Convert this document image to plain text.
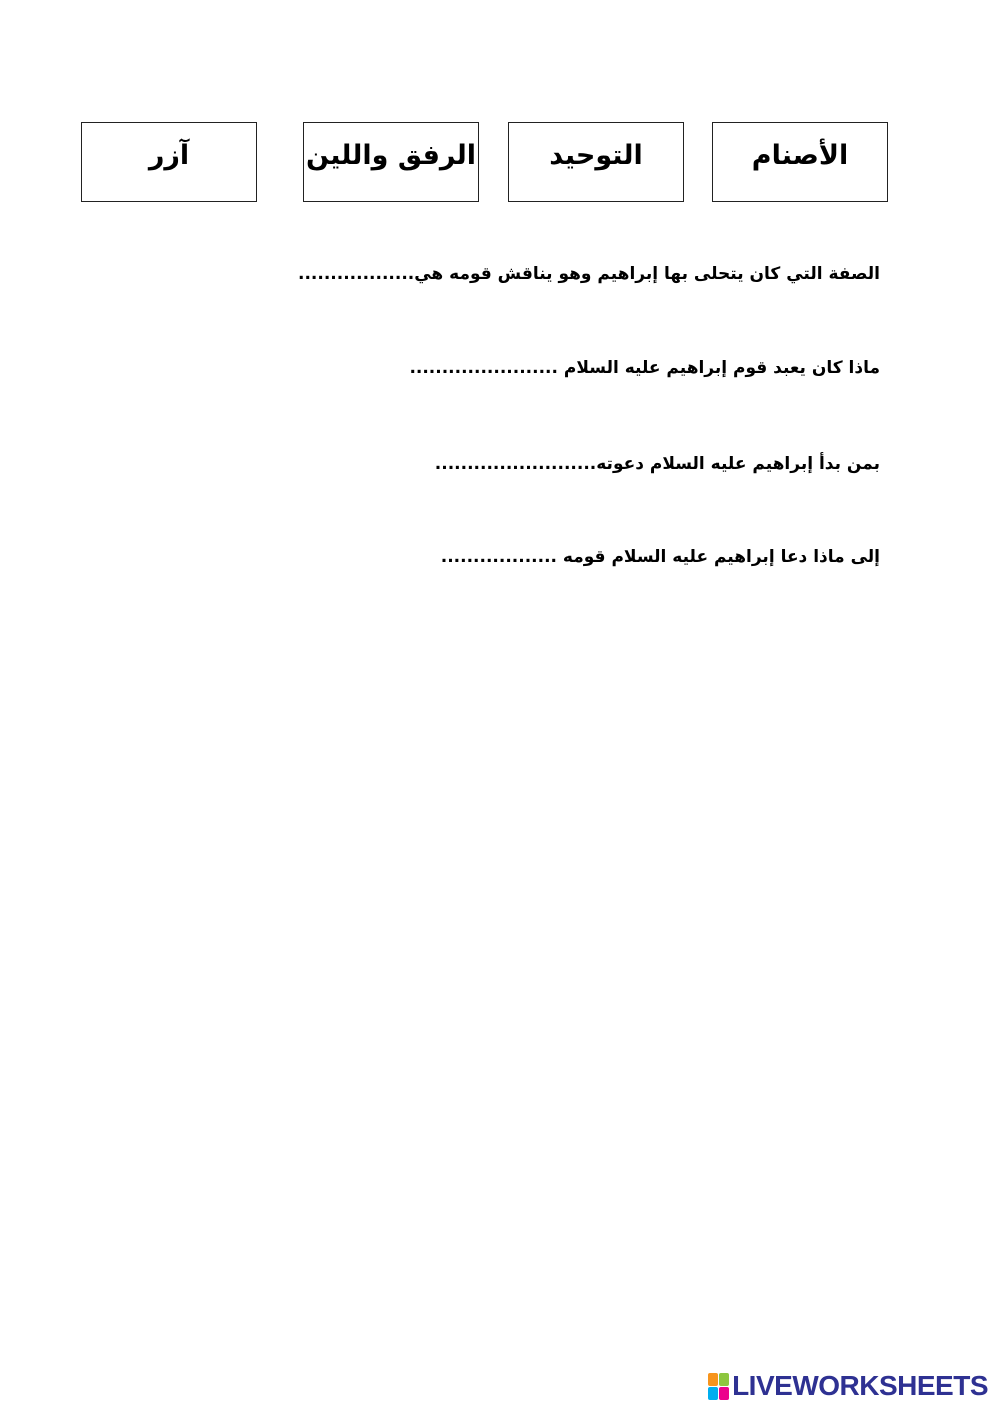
الأصنام
التوحيد
الرفق واللين
آزر
الصفة التي كان يتحلى بها إبراهيم وهو يناقش قومه هي..................
ماذا كان يعبد قوم إبراهيم عليه السلام .......................
بمن بدأ إبراهيم عليه السلام دعوته.........................
إلى ماذا دعا إبراهيم عليه السلام قومه ..................
LIVEWORKSHEETS
